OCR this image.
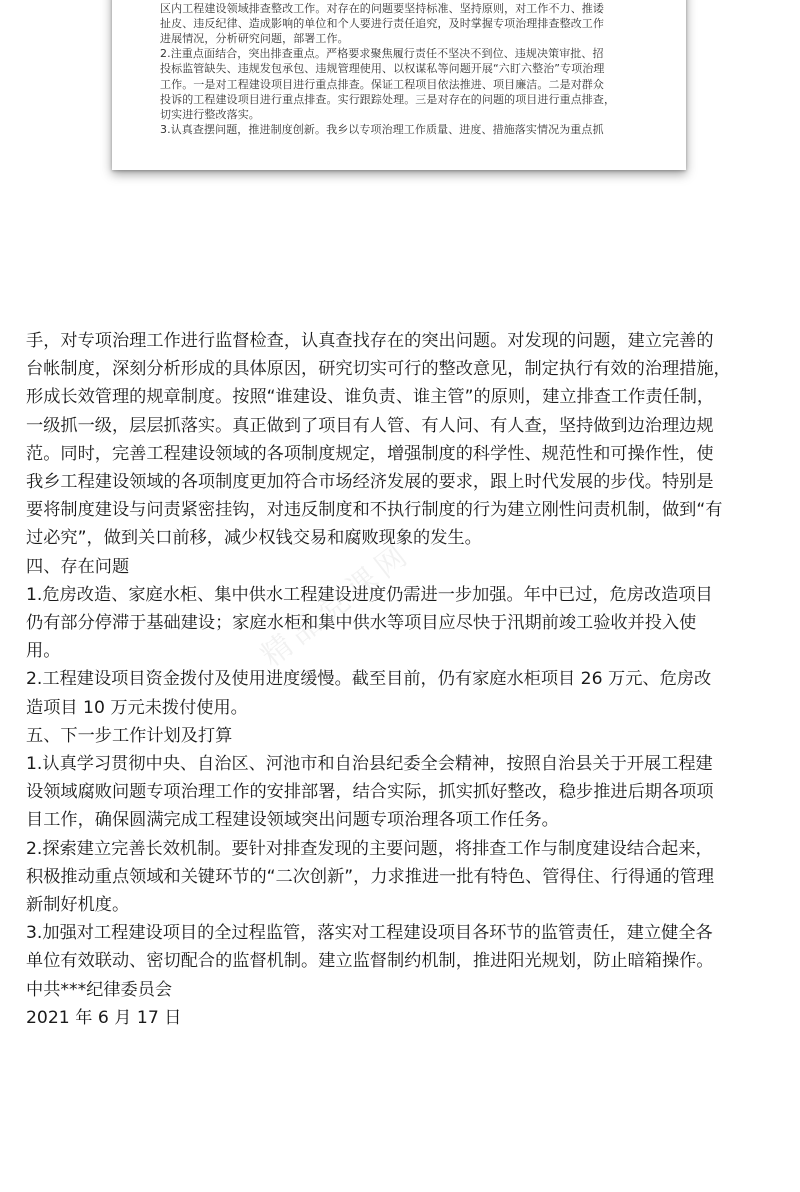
区内工程建设领域排查整改工作。对存在的问题要坚持标准、坚持原则，对工作不力、推诿
扯皮、违反纪律、造成影响的单位和个人要进行责任追究，及时掌握专项治理排查整改工作
进展情况，分析研究问题，部署工作。
2.注重点面结合，突出排查重点。严格要求聚焦履行责任不坚决不到位、违规决策审批、招
投标监管缺失、违规发包承包、违规管理使用、以权谋私等问题开展“六盯六整治”专项治理
工作。一是对工程建设项目进行重点排查。保证工程项目依法推进、项目廉洁。二是对群众
投诉的工程建设项目进行重点排查。实行跟踪处理。三是对存在的问题的项目进行重点排查，
切实进行整改落实。
3.认真查摆问题，推进制度创新。我乡以专项治理工作质量、进度、措施落实情况为重点抓
精品党课网
手，对专项治理工作进行监督检查，认真查找存在的突出问题。对发现的问题，建立完善的
台帐制度，深刻分析形成的具体原因，研究切实可行的整改意见，制定执行有效的治理措施，
形成长效管理的规章制度。按照“谁建设、谁负责、谁主管”的原则，建立排查工作责任制，
一级抓一级，层层抓落实。真正做到了项目有人管、有人问、有人查，坚持做到边治理边规
范。同时，完善工程建设领域的各项制度规定，增强制度的科学性、规范性和可操作性，使
我乡工程建设领域的各项制度更加符合市场经济发展的要求，跟上时代发展的步伐。特别是
要将制度建设与问责紧密挂钩，对违反制度和不执行制度的行为建立刚性问责机制，做到“有
过必究”，做到关口前移，减少权钱交易和腐败现象的发生。
四、存在问题
1.危房改造、家庭水柜、集中供水工程建设进度仍需进一步加强。年中已过，危房改造项目
仍有部分停滞于基础建设；家庭水柜和集中供水等项目应尽快于汛期前竣工验收并投入使
用。
2.工程建设项目资金拨付及使用进度缓慢。截至目前，仍有家庭水柜项目 26 万元、危房改
造项目 10 万元未拨付使用。
五、下一步工作计划及打算
1.认真学习贯彻中央、自治区、河池市和自治县纪委全会精神，按照自治县关于开展工程建
设领域腐败问题专项治理工作的安排部署，结合实际，抓实抓好整改，稳步推进后期各项项
目工作，确保圆满完成工程建设领域突出问题专项治理各项工作任务。
2.探索建立完善长效机制。要针对排查发现的主要问题，将排查工作与制度建设结合起来，
积极推动重点领域和关键环节的“二次创新”，力求推进一批有特色、管得住、行得通的管理
新制好机度。
3.加强对工程建设项目的全过程监管，落实对工程建设项目各环节的监管责任，建立健全各
单位有效联动、密切配合的监督机制。建立监督制约机制，推进阳光规划，防止暗箱操作。
中共***纪律委员会
2021 年 6 月 17 日
